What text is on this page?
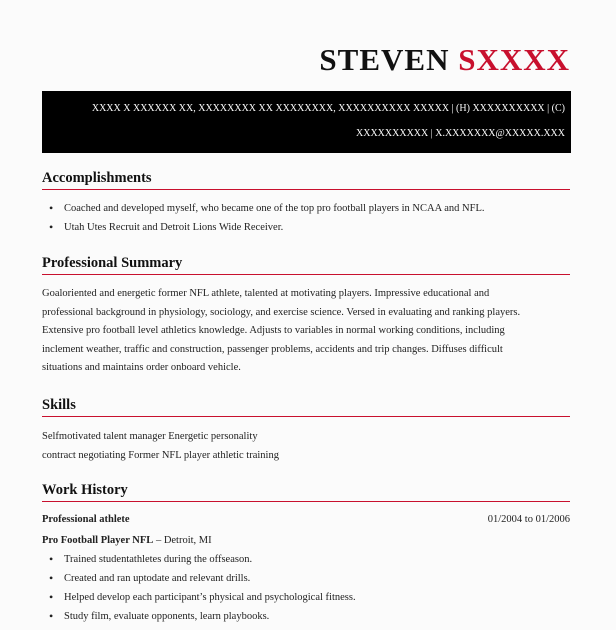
STEVEN SXXXX
XXXX X XXXXXX XX, XXXXXXXX XX XXXXXXXX, XXXXXXXXXX XXXXX | (H) XXXXXXXXXX | (C)
XXXXXXXXXX | X.XXXXXXX@XXXXX.XXX
Accomplishments
• Coached and developed myself, who became one of the top pro football players in NCAA and NFL.
• Utah Utes Recruit and Detroit Lions Wide Receiver.
Professional Summary
Goaloriented and energetic former NFL athlete, talented at motivating players. Impressive educational and
professional background in physiology, sociology, and exercise science. Versed in evaluating and ranking players.
Extensive pro football level athletics knowledge. Adjusts to variables in normal working conditions, including
inclement weather, traffic and construction, passenger problems, accidents and trip changes. Diffuses difficult
situations and maintains order onboard vehicle.
Skills
Selfmotivated talent manager Energetic personality
contract negotiating Former NFL player athletic training
Work History
Professional athlete	01/2004 to 01/2006
Pro Football Player NFL – Detroit, MI
• Trained studentathletes during the offseason.
• Created and ran uptodate and relevant drills.
• Helped develop each participant’s physical and psychological fitness.
• Study film, evaluate opponents, learn playbooks.
